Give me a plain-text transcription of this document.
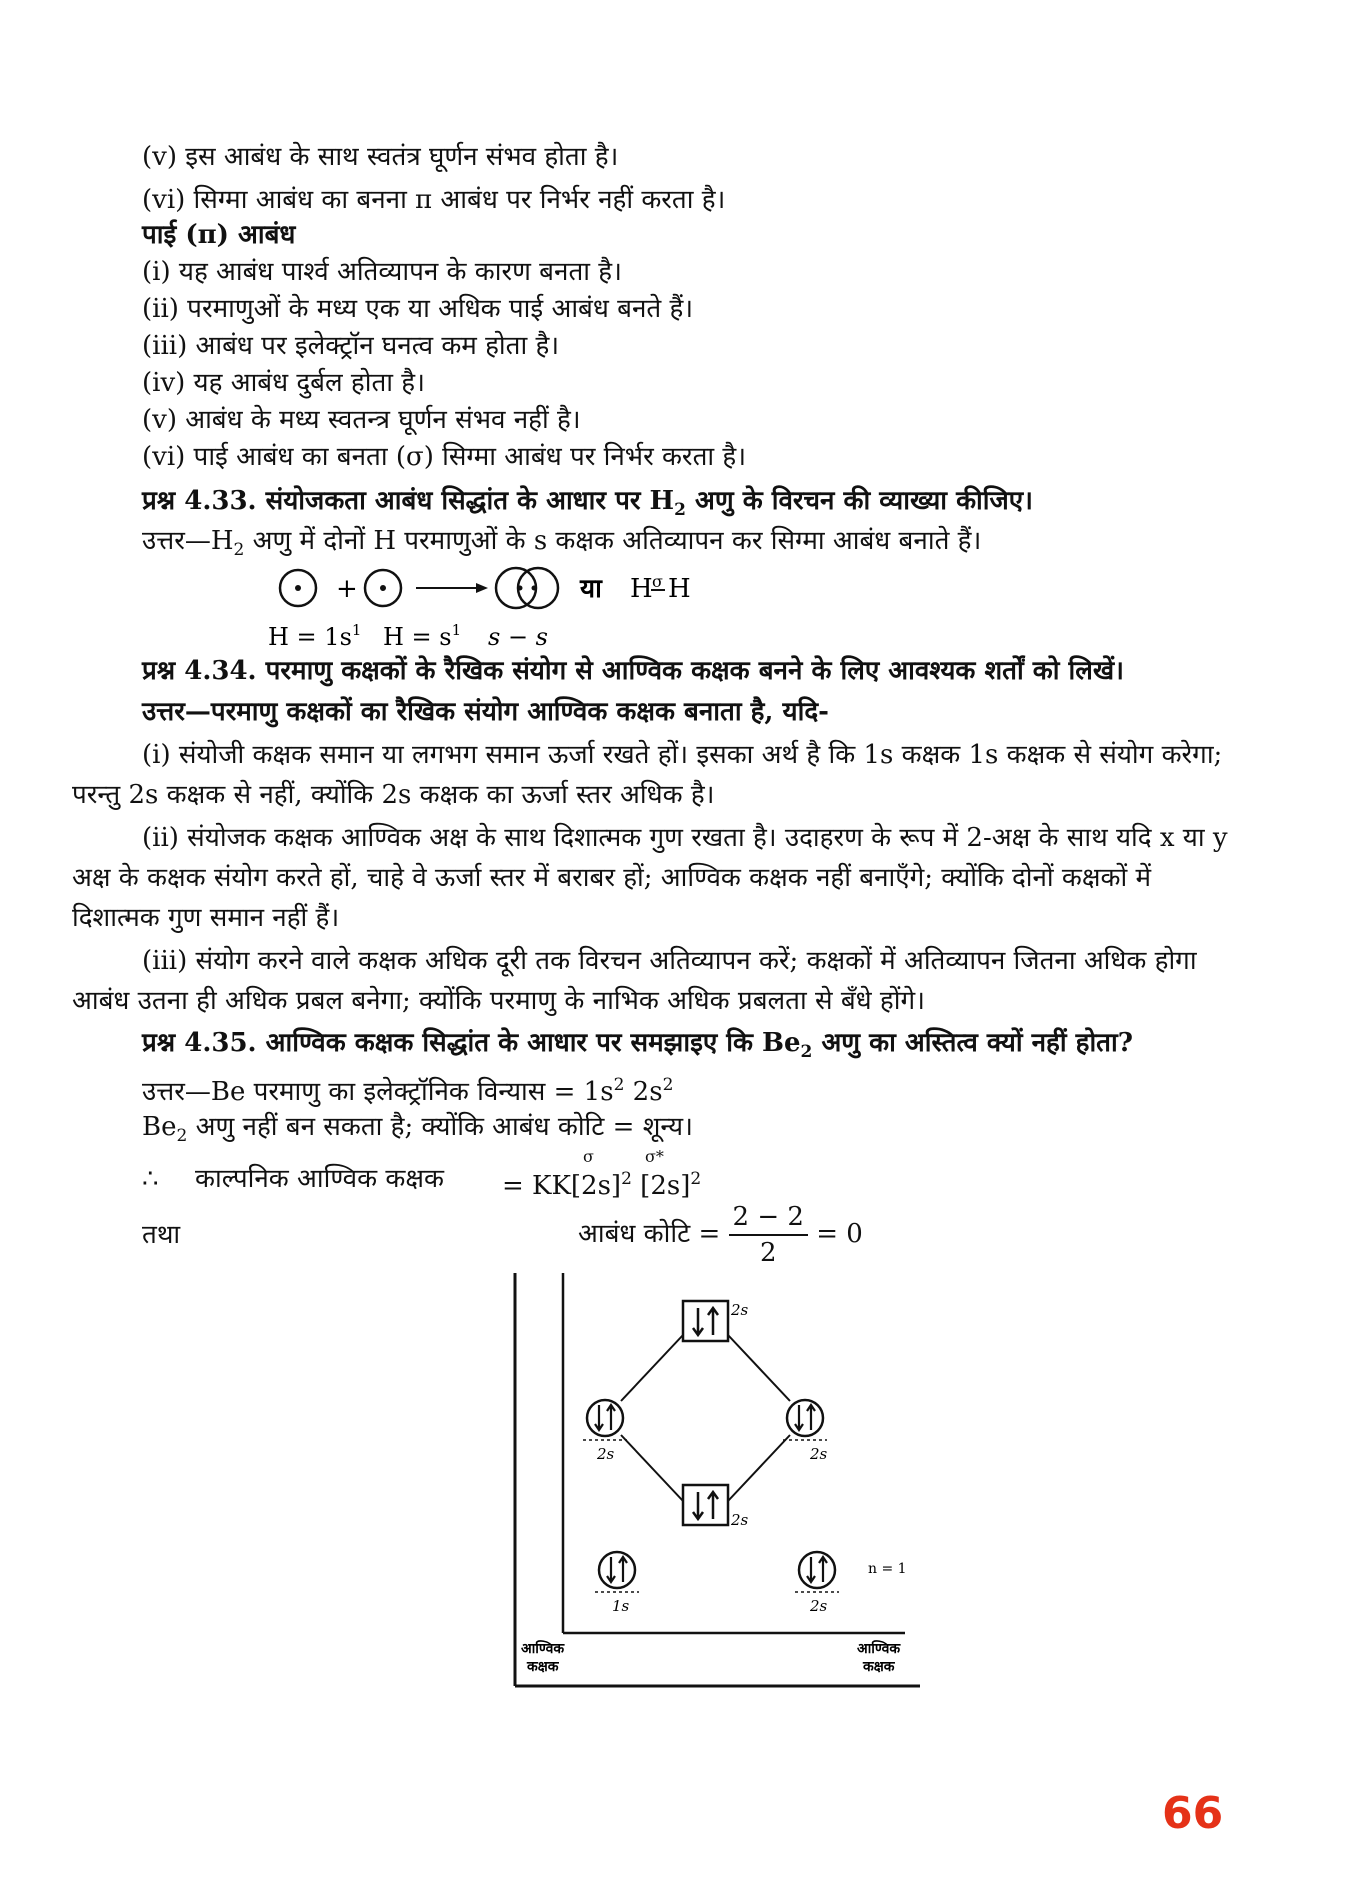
(v) इस आबंध के साथ स्वतंत्र घूर्णन संभव होता है।
(vi) सिग्मा आबंध का बनना π आबंध पर निर्भर नहीं करता है।
पाई (π) आबंध
(i) यह आबंध पार्श्व अतिव्यापन के कारण बनता है।
(ii) परमाणुओं के मध्य एक या अधिक पाई आबंध बनते हैं।
(iii) आबंध पर इलेक्ट्रॉन घनत्व कम होता है।
(iv) यह आबंध दुर्बल होता है।
(v) आबंध के मध्य स्वतन्त्र घूर्णन संभव नहीं है।
(vi) पाई आबंध का बनता (σ) सिग्मा आबंध पर निर्भर करता है।
प्रश्न 4.33. संयोजकता आबंध सिद्धांत के आधार पर $H_2$ अणु के विरचन की व्याख्या कीजिए।
$उत्तर—H_2$ अणु में दोनों H परमाणुओं के s कक्षक अतिव्यापन कर सिग्मा आबंध बनाते हैं।
+	या H σ H
$H = 1s^1$ $H = s^1$ s − s
प्रश्न 4.34. परमाणु कक्षकों के रैखिक संयोग से आण्विक कक्षक बनने के लिए आवश्यक शर्तों को लिखें।
उत्तर—परमाणु कक्षकों का रैखिक संयोग आण्विक कक्षक बनाता है, यदि-
(i) संयोजी कक्षक समान या लगभग समान ऊर्जा रखते हों। इसका अर्थ है कि 1s कक्षक 1s कक्षक से संयोग करेगा;
परन्तु 2s कक्षक से नहीं, क्योंकि 2s कक्षक का ऊर्जा स्तर अधिक है।
(ii) संयोजक कक्षक आण्विक अक्ष के साथ दिशात्मक गुण रखता है। उदाहरण के रूप में 2-अक्ष के साथ यदि x या y
अक्ष के कक्षक संयोग करते हों, चाहे वे ऊर्जा स्तर में बराबर हों; आण्विक कक्षक नहीं बनाएँगे; क्योंकि दोनों कक्षकों में
दिशात्मक गुण समान नहीं हैं।
(iii) संयोग करने वाले कक्षक अधिक दूरी तक विरचन अतिव्यापन करें; कक्षकों में अतिव्यापन जितना अधिक होगा
आबंध उतना ही अधिक प्रबल बनेगा; क्योंकि परमाणु के नाभिक अधिक प्रबलता से बँधे होंगे।
प्रश्न 4.35. आण्विक कक्षक सिद्धांत के आधार पर समझाइए कि $Be_2$ अणु का अस्तित्व क्यों नहीं होता?
उत्तर—Be परमाणु का इलेक्ट्रॉनिक विन्यास = $1s^2$ $2s^2$
$Be_2$ अणु नहीं बन सकता है; क्योंकि आबंध कोटि = शून्य।
∴ काल्पनिक आण्विक कक्षक = $KK[2s]^2$ $[2s]^2$
σ	σ*
तथा	आबंध कोटि = $\frac{2 - 2}{2} = 0$
2s
2s	2s
2s
1s	2s
n = 1
आण्विक
कक्षक
आण्विक
कक्षक
66
